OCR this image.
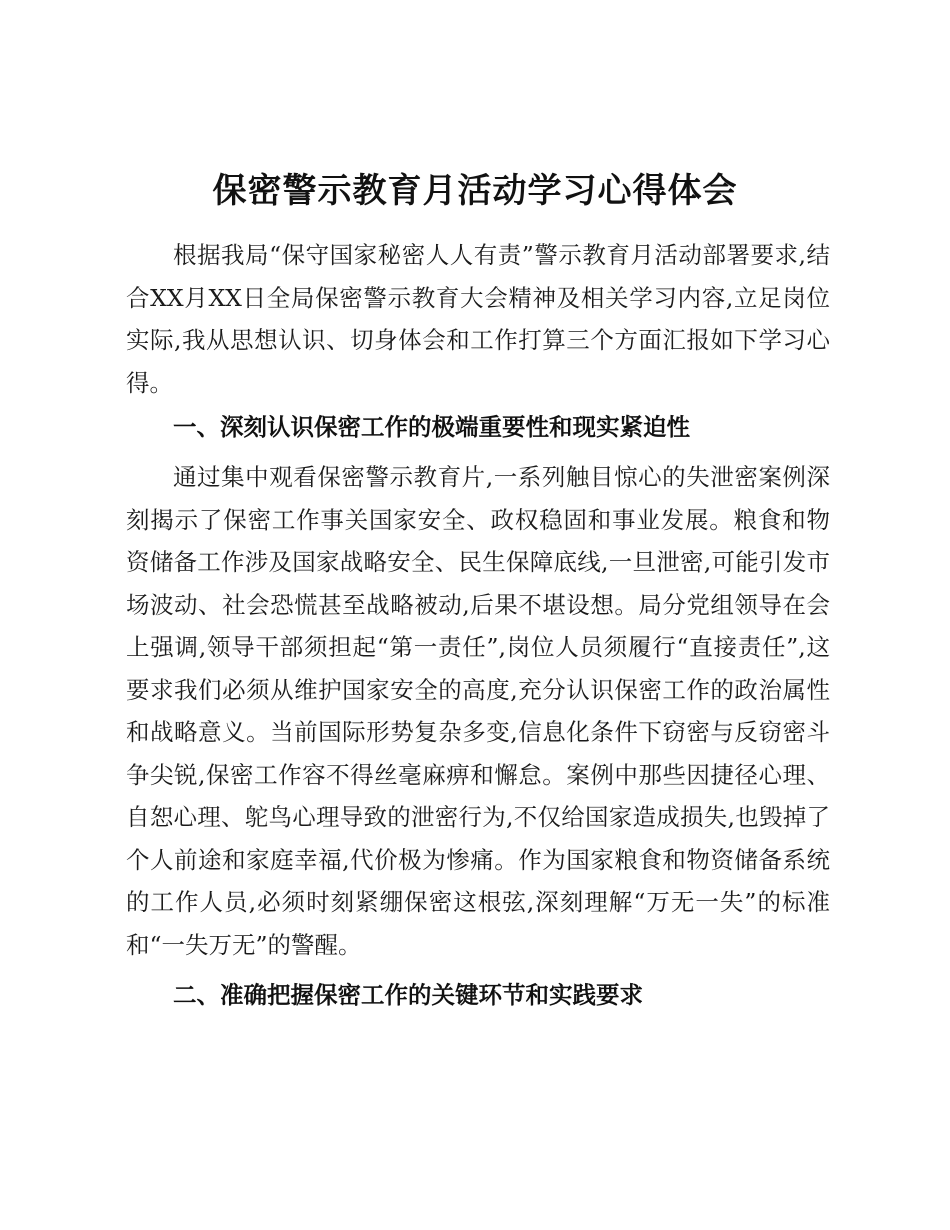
保密警示教育月活动学习心得体会

根据我局“保守国家秘密人人有责”警示教育月活动部署要求,结合XX月XX日全局保密警示教育大会精神及相关学习内容,立足岗位实际,我从思想认识、切身体会和工作打算三个方面汇报如下学习心得。

一、深刻认识保密工作的极端重要性和现实紧迫性

通过集中观看保密警示教育片,一系列触目惊心的失泄密案例深刻揭示了保密工作事关国家安全、政权稳固和事业发展。粮食和物资储备工作涉及国家战略安全、民生保障底线,一旦泄密,可能引发市场波动、社会恐慌甚至战略被动,后果不堪设想。局分党组领导在会上强调,领导干部须担起“第一责任”,岗位人员须履行“直接责任”,这要求我们必须从维护国家安全的高度,充分认识保密工作的政治属性和战略意义。当前国际形势复杂多变,信息化条件下窃密与反窃密斗争尖锐,保密工作容不得丝毫麻痹和懈怠。案例中那些因捷径心理、自恕心理、鸵鸟心理导致的泄密行为,不仅给国家造成损失,也毁掉了个人前途和家庭幸福,代价极为惨痛。作为国家粮食和物资储备系统的工作人员,必须时刻紧绷保密这根弦,深刻理解“万无一失”的标准和“一失万无”的警醒。

二、准确把握保密工作的关键环节和实践要求
